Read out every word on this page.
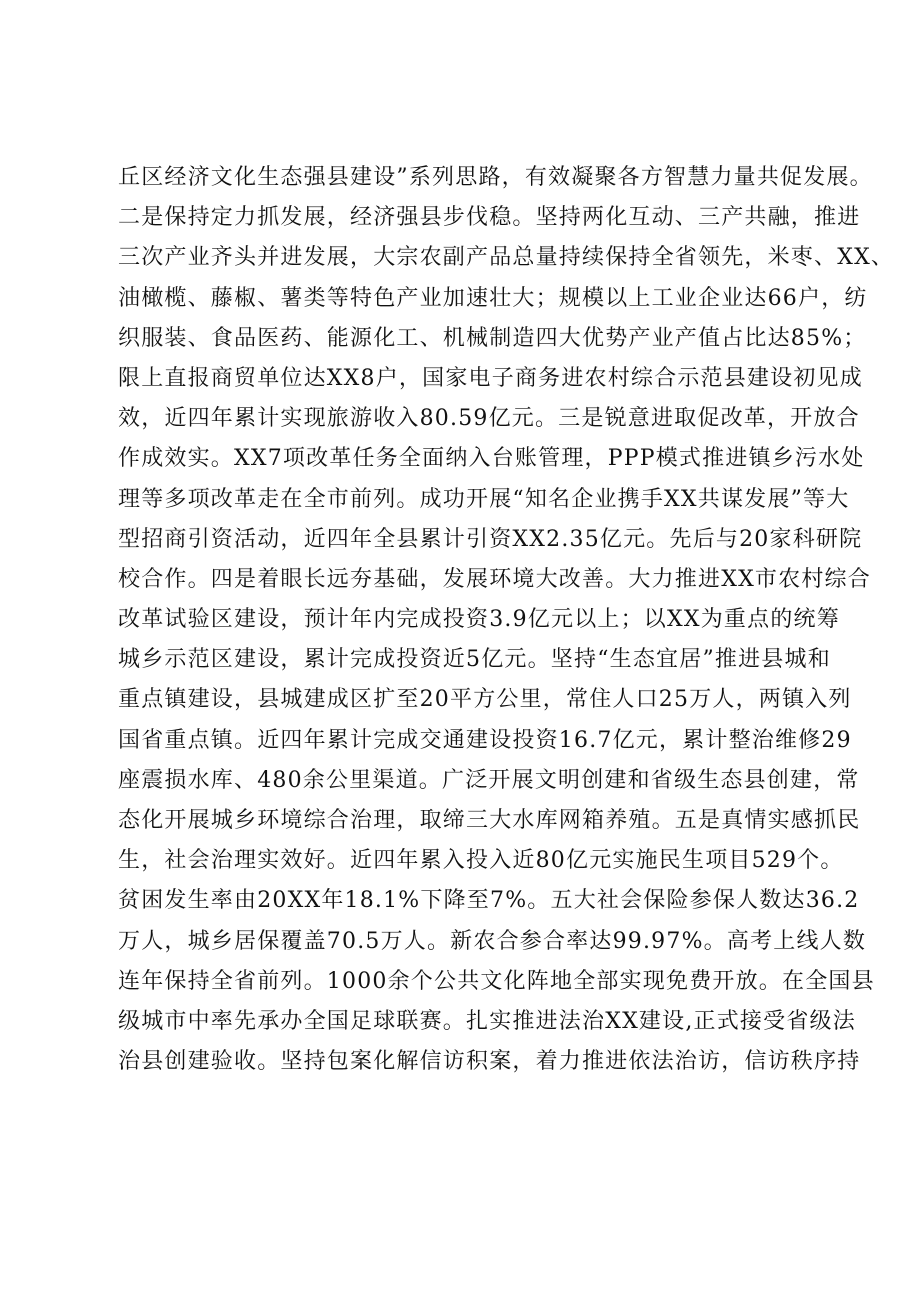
丘区经济文化生态强县建设”系列思路，有效凝聚各方智慧力量共促发展。
二是保持定力抓发展，经济强县步伐稳。坚持两化互动、三产共融，推进
三次产业齐头并进发展，大宗农副产品总量持续保持全省领先，米枣、XX、
油橄榄、藤椒、薯类等特色产业加速壮大；规模以上工业企业达66户，纺
织服装、食品医药、能源化工、机械制造四大优势产业产值占比达85%；
限上直报商贸单位达XX8户，国家电子商务进农村综合示范县建设初见成
效，近四年累计实现旅游收入80.59亿元。三是锐意进取促改革，开放合
作成效实。XX7项改革任务全面纳入台账管理，PPP模式推进镇乡污水处
理等多项改革走在全市前列。成功开展“知名企业携手XX共谋发展”等大
型招商引资活动，近四年全县累计引资XX2.35亿元。先后与20家科研院
校合作。四是着眼长远夯基础，发展环境大改善。大力推进XX市农村综合
改革试验区建设，预计年内完成投资3.9亿元以上；以XX为重点的统筹
城乡示范区建设，累计完成投资近5亿元。坚持“生态宜居”推进县城和
重点镇建设，县城建成区扩至20平方公里，常住人口25万人，两镇入列
国省重点镇。近四年累计完成交通建设投资16.7亿元，累计整治维修29
座震损水库、480余公里渠道。广泛开展文明创建和省级生态县创建，常
态化开展城乡环境综合治理，取缔三大水库网箱养殖。五是真情实感抓民
生，社会治理实效好。近四年累入投入近80亿元实施民生项目529个。
贫困发生率由20XX年18.1%下降至7%。五大社会保险参保人数达36.2
万人，城乡居保覆盖70.5万人。新农合参合率达99.97%。高考上线人数
连年保持全省前列。1000余个公共文化阵地全部实现免费开放。在全国县
级城市中率先承办全国足球联赛。扎实推进法治XX建设,正式接受省级法
治县创建验收。坚持包案化解信访积案，着力推进依法治访，信访秩序持
